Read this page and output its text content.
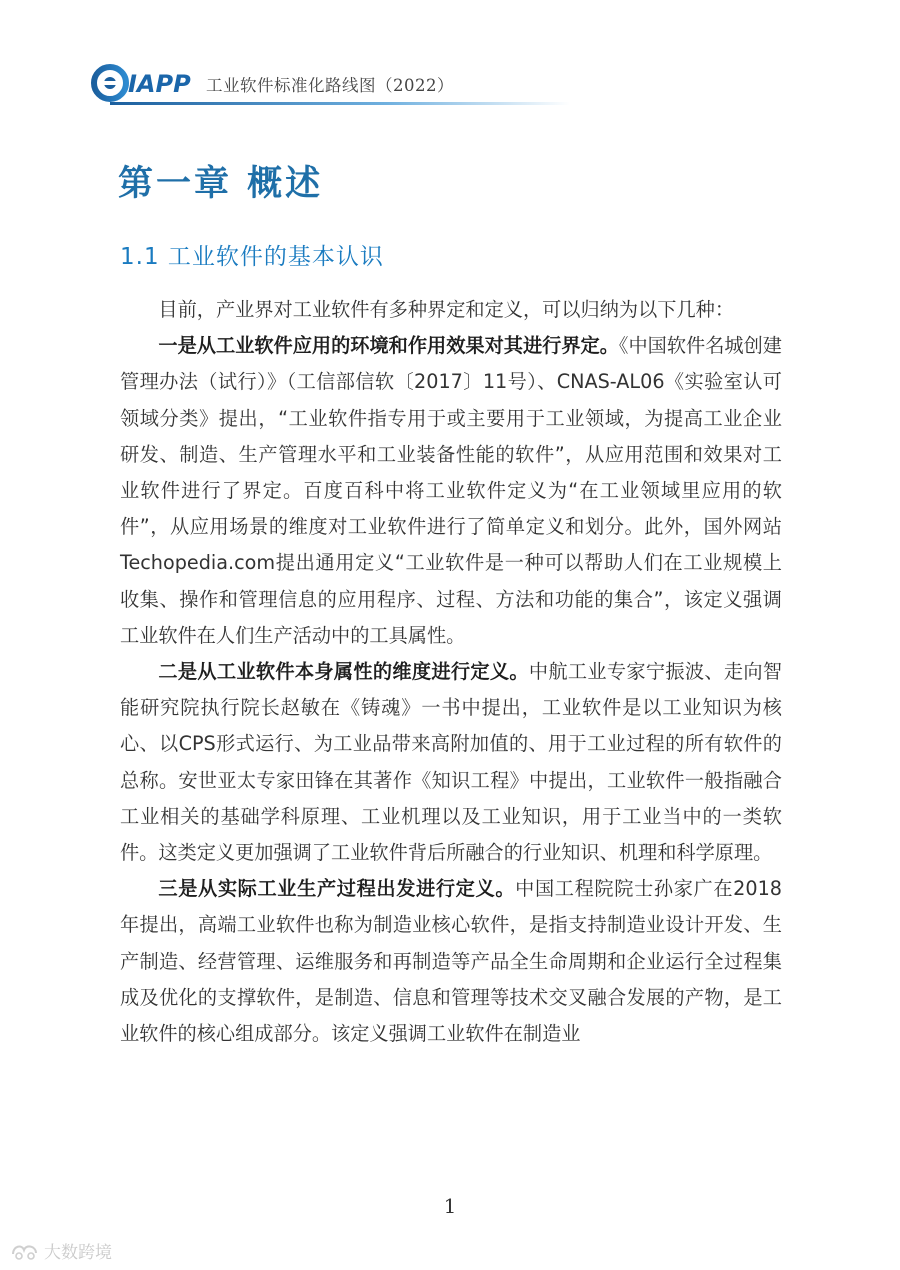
IAPP 工业软件标准化路线图（2022）
第一章 概述
1.1 工业软件的基本认识

目前，产业界对工业软件有多种界定和定义，可以归纳为以下几种：

一是从工业软件应用的环境和作用效果对其进行界定。《中国软件名城创建管理办法（试行）》（工信部信软〔2017〕11号）、CNAS-AL06《实验室认可领域分类》提出，“工业软件指专用于或主要用于工业领域，为提高工业企业研发、制造、生产管理水平和工业装备性能的软件”，从应用范围和效果对工业软件进行了界定。百度百科中将工业软件定义为“在工业领域里应用的软件”，从应用场景的维度对工业软件进行了简单定义和划分。此外，国外网站Techopedia.com提出通用定义“工业软件是一种可以帮助人们在工业规模上收集、操作和管理信息的应用程序、过程、方法和功能的集合”，该定义强调工业软件在人们生产活动中的工具属性。

二是从工业软件本身属性的维度进行定义。中航工业专家宁振波、走向智能研究院执行院长赵敏在《铸魂》一书中提出，工业软件是以工业知识为核心、以CPS形式运行、为工业品带来高附加值的、用于工业过程的所有软件的总称。安世亚太专家田锋在其著作《知识工程》中提出，工业软件一般指融合工业相关的基础学科原理、工业机理以及工业知识，用于工业当中的一类软件。这类定义更加强调了工业软件背后所融合的行业知识、机理和科学原理。

三是从实际工业生产过程出发进行定义。中国工程院院士孙家广在2018年提出，高端工业软件也称为制造业核心软件，是指支持制造业设计开发、生产制造、经营管理、运维服务和再制造等产品全生命周期和企业运行全过程集成及优化的支撑软件，是制造、信息和管理等技术交叉融合发展的产物，是工业软件的核心组成部分。该定义强调工业软件在制造业

1
大数跨境
